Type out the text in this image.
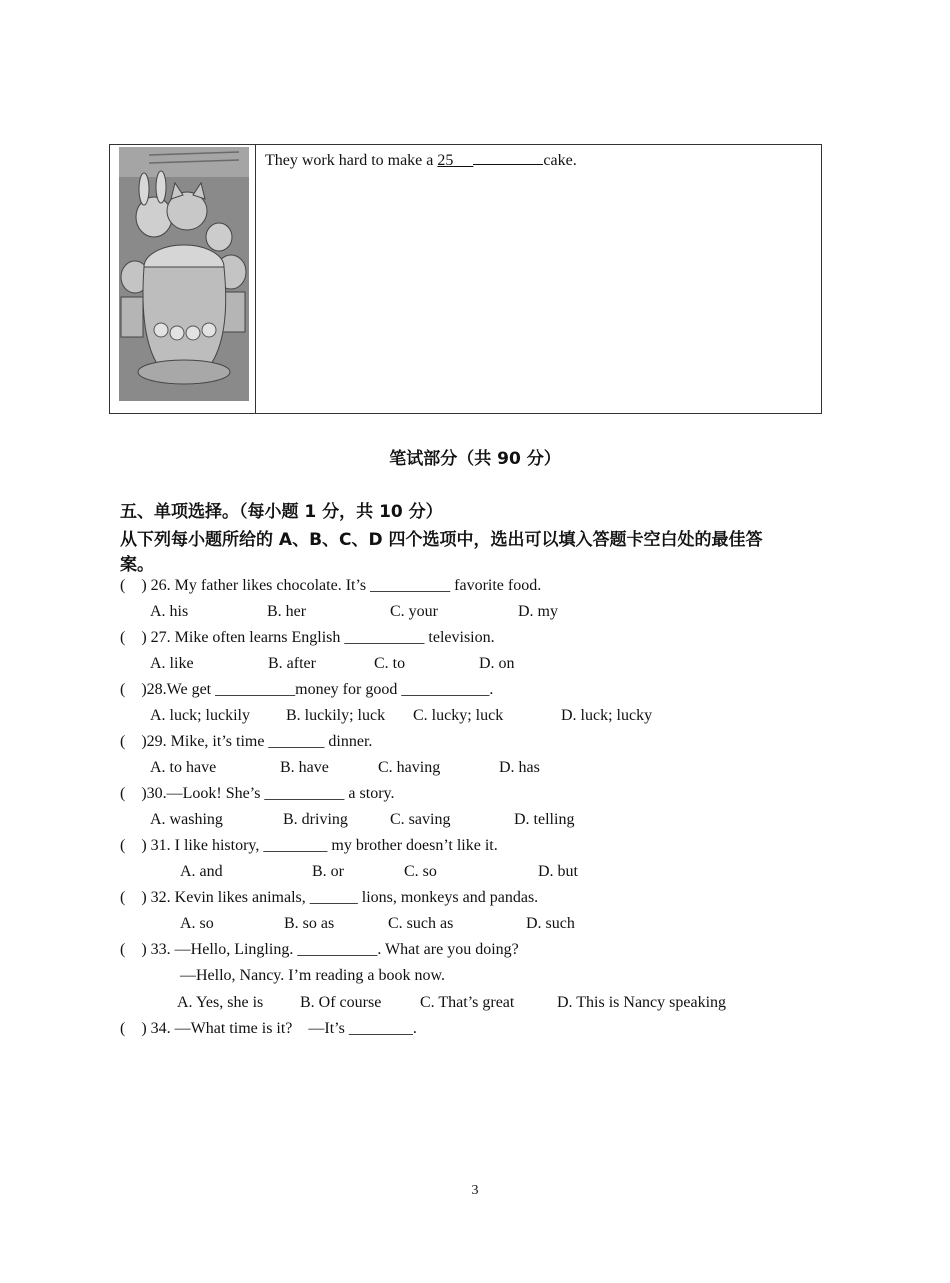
They work hard to make a 25	cake.
笔试部分（共 90 分）
五、单项选择。（每小题 1 分，共 10 分）
从下列每小题所给的 A、B、C、D 四个选项中，选出可以填入答题卡空白处的最佳答
案。
(    ) 26. My father likes chocolate. It’s __________ favorite food.
A. his	B. her	C. your	D. my
(    ) 27. Mike often learns English __________ television.
A. like	B. after	C. to	D. on
(    )28.We get __________money for good ___________.
A. luck; luckily B. luckily; luck C. lucky; luck	D. luck; lucky
(    )29. Mike, it’s time _______ dinner.
A. to have	B. have	C. having	D. has
(    )30.—Look! She’s __________ a story.
A. washing	B. driving	C. saving	D. telling
(    ) 31. I like history, ________ my brother doesn’t like it.
A. and	B. or	C. so	D. but
(    ) 32. Kevin likes animals, ______ lions, monkeys and pandas.
A. so	B. so as	C. such as	D. such
(    ) 33. —Hello, Lingling. __________. What are you doing?
—Hello, Nancy. I’m reading a book now.
A. Yes, she is B. Of course C. That’s great	D. This is Nancy speaking
(    ) 34. —What time is it?    —It’s ________.
3
